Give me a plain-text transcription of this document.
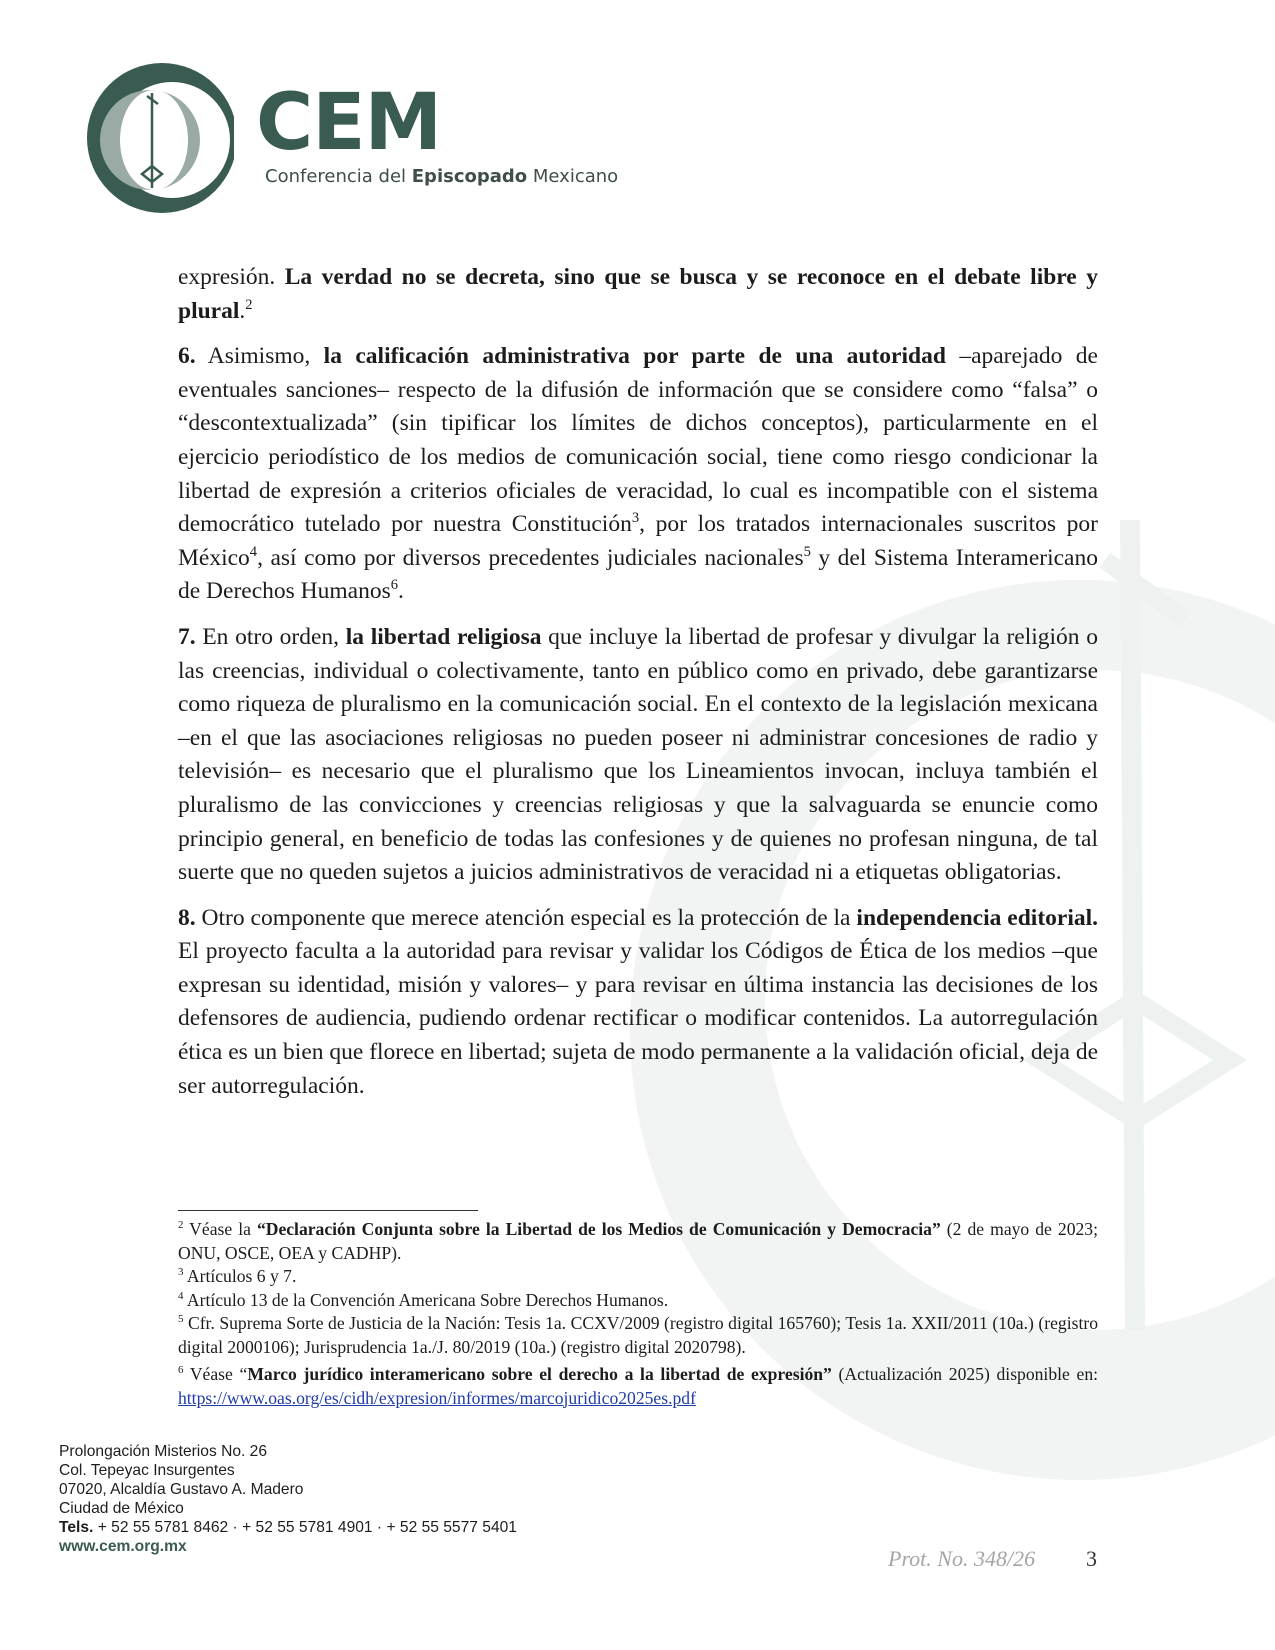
CEM
Conferencia del Episcopado Mexicano

expresión. La verdad no se decreta, sino que se busca y se reconoce en el debate libre y plural.$^2$

6. Asimismo, la calificación administrativa por parte de una autoridad –aparejado de eventuales sanciones– respecto de la difusión de información que se considere como “falsa” o “descontextualizada” (sin tipificar los límites de dichos conceptos), particularmente en el ejercicio periodístico de los medios de comunicación social, tiene como riesgo condicionar la libertad de expresión a criterios oficiales de veracidad, lo cual es incompatible con el sistema democrático tutelado por nuestra Constitución$^3$, por los tratados internacionales suscritos por México$^4$, así como por diversos precedentes judiciales nacionales$^5$ y del Sistema Interamericano de Derechos Humanos$^6$.

7. En otro orden, la libertad religiosa que incluye la libertad de profesar y divulgar la religión o las creencias, individual o colectivamente, tanto en público como en privado, debe garantizarse como riqueza de pluralismo en la comunicación social. En el contexto de la legislación mexicana –en el que las asociaciones religiosas no pueden poseer ni administrar concesiones de radio y televisión– es necesario que el pluralismo que los Lineamientos invocan, incluya también el pluralismo de las convicciones y creencias religiosas y que la salvaguarda se enuncie como principio general, en beneficio de todas las confesiones y de quienes no profesan ninguna, de tal suerte que no queden sujetos a juicios administrativos de veracidad ni a etiquetas obligatorias.

8. Otro componente que merece atención especial es la protección de la independencia editorial. El proyecto faculta a la autoridad para revisar y validar los Códigos de Ética de los medios –que expresan su identidad, misión y valores– y para revisar en última instancia las decisiones de los defensores de audiencia, pudiendo ordenar rectificar o modificar contenidos. La autorregulación ética es un bien que florece en libertad; sujeta de modo permanente a la validación oficial, deja de ser autorregulación.

$^2$ Véase la “Declaración Conjunta sobre la Libertad de los Medios de Comunicación y Democracia” (2 de mayo de 2023; ONU, OSCE, OEA y CADHP).

$^3$ Artículos 6 y 7.

$^4$ Artículo 13 de la Convención Americana Sobre Derechos Humanos.

$^5$ Cfr. Suprema Sorte de Justicia de la Nación: Tesis 1a. CCXV/2009 (registro digital 165760); Tesis 1a. XXII/2011 (10a.) (registro digital 2000106); Jurisprudencia 1a./J. 80/2019 (10a.) (registro digital 2020798).

$^6$ Véase “Marco jurídico interamericano sobre el derecho a la libertad de expresión” (Actualización 2025) disponible en: https://www.oas.org/es/cidh/expresion/informes/marcojuridico2025es.pdf

Prolongación Misterios No. 26
Col. Tepeyac Insurgentes
07020, Alcaldía Gustavo A. Madero
Ciudad de México
Tels. + 52 55 5781 8462 · + 52 55 5781 4901 · + 52 55 5577 5401
www.cem.org.mx	Prot. No. 348/26 3
